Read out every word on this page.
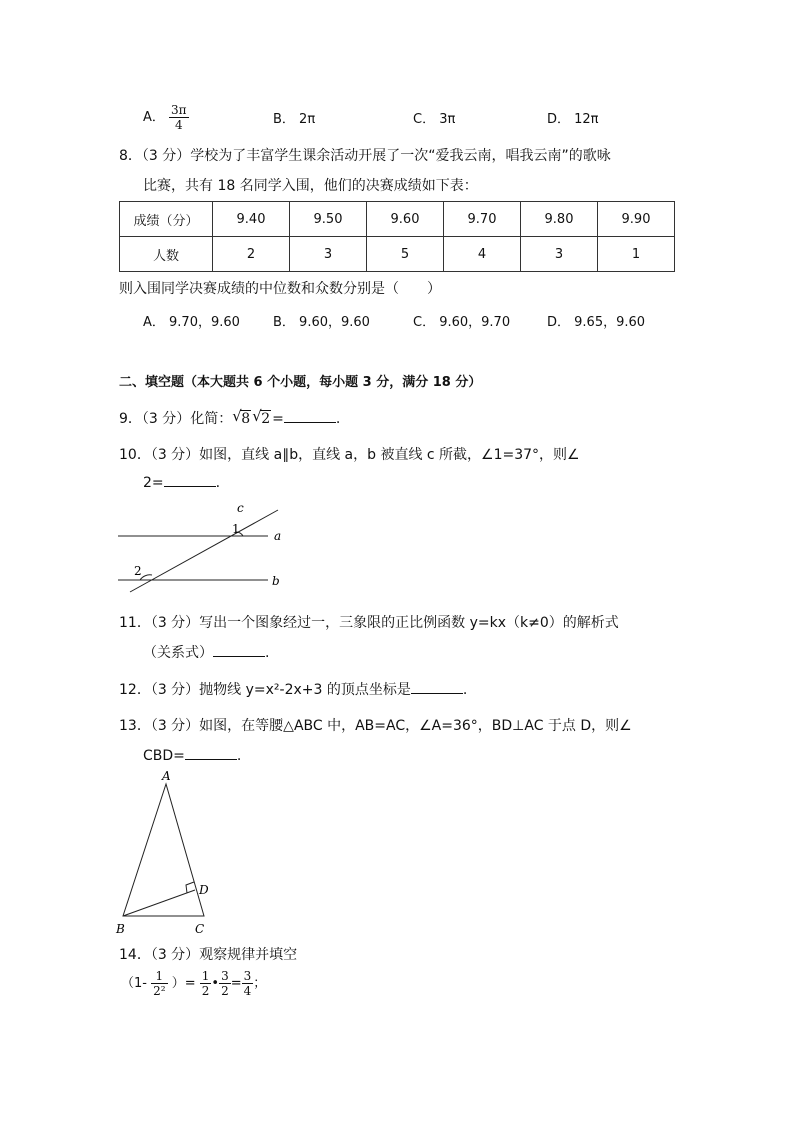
A． $\frac{3\pi}{4}$	B． 2π	C． 3π	D． 12π
8．（3 分）学校为了丰富学生课余活动开展了一次“爱我云南，唱我云南”的歌咏
比赛，共有 18 名同学入围，他们的决赛成绩如下表：
成绩（分）	9.40	9.50	9.60	9.70	9.80	9.90
人数	2	3	5	4	3	1
则入围同学决赛成绩的中位数和众数分别是（　　）
A． 9.70，9.60	B． 9.60，9.60	C． 9.60，9.70	D． 9.65，9.60
二、填空题（本大题共 6 个小题，每小题 3 分，满分 18 分）
9．（3 分）化简： √ 8 √ 2 =	.
10．（3 分）如图，直线 a∥b，直线 a，b 被直线 c 所截，∠1=37°，则∠
2=	.
c
1	a
2
b
11．（3 分）写出一个图象经过一，三象限的正比例函数 y=kx（k≠0）的解析式
（关系式）	.
12．（3 分）抛物线 y=x²-2x+3 的顶点坐标是	.
13．（3 分）如图，在等腰△ABC 中，AB=AC，∠A=36°，BD⊥AC 于点 D，则∠
CBD=	.
A
D
B	C
14．（3 分）观察规律并填空
（$1- \frac{1}{\text{2²}}$ ）= $\frac{1}{2}$ • $\frac{3}{2} = \frac{3}{4}$ ；
